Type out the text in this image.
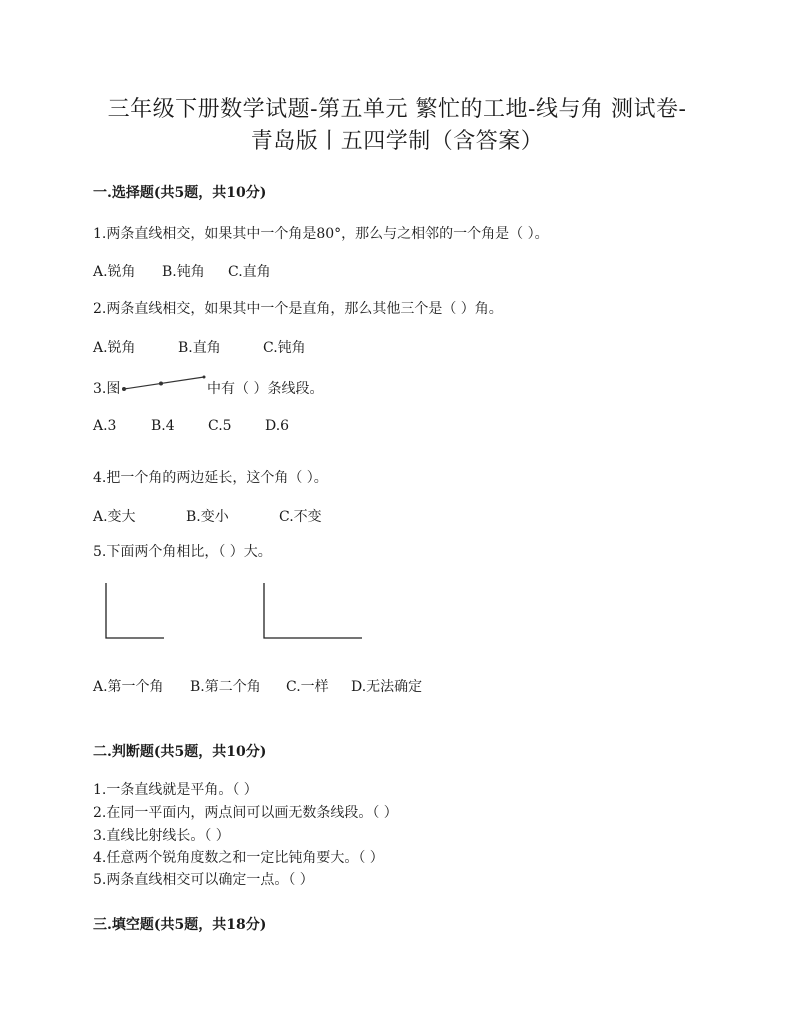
三年级下册数学试题-第五单元 繁忙的工地-线与角 测试卷-
青岛版丨五四学制（含答案）
一.选择题(共5题，共10分)
1.两条直线相交，如果其中一个角是80°，那么与之相邻的一个角是（ ）。
A.锐角 B.钝角 C.直角
2.两条直线相交，如果其中一个是直角，那么其他三个是（ ）角。
A.锐角	B.直角	C.钝角
3.图	中有（ ）条线段。
A.3 B.4 C.5 D.6
4.把一个角的两边延长，这个角（ ）。
A.变大	B.变小	C.不变
5.下面两个角相比，（ ）大。
A.第一个角 B.第二个角 C.一样 D.无法确定
二.判断题(共5题，共10分)
1.一条直线就是平角。（ ）
2.在同一平面内，两点间可以画无数条线段。（ ）
3.直线比射线长。（ ）
4.任意两个锐角度数之和一定比钝角要大。（ ）
5.两条直线相交可以确定一点。（ ）
三.填空题(共5题，共18分)
